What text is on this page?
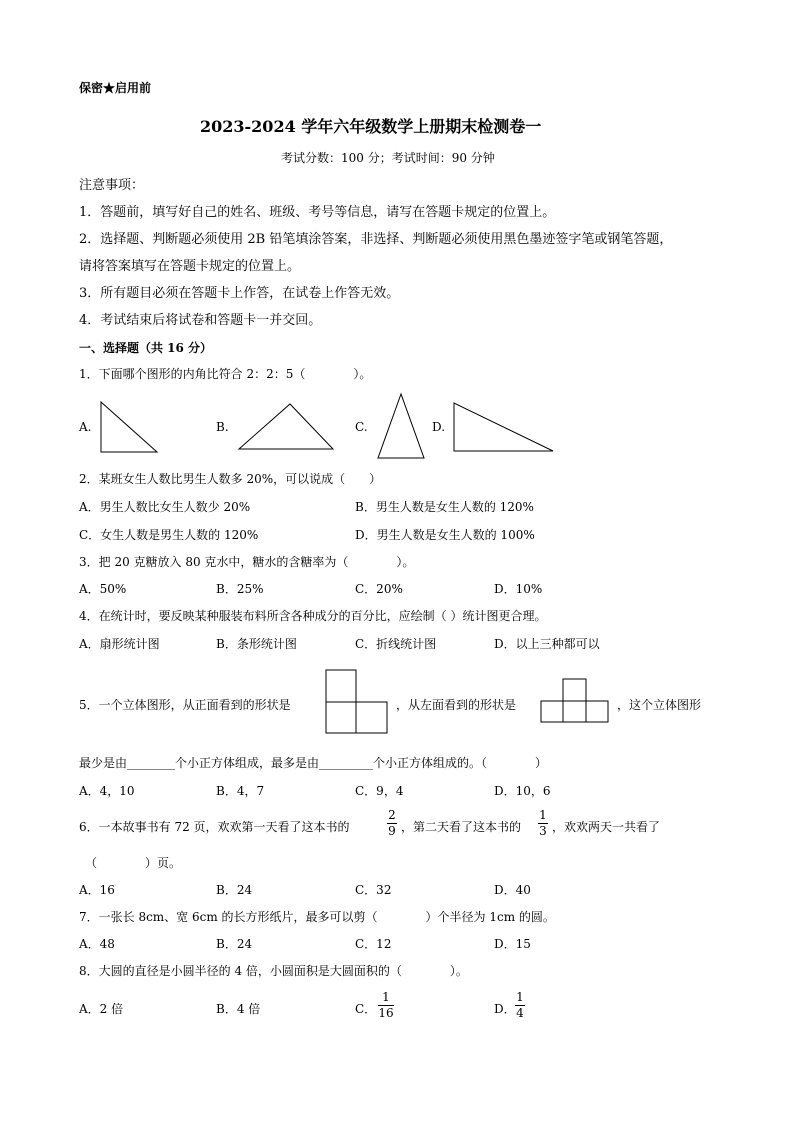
保密★启用前
2023-2024 学年六年级数学上册期末检测卷一
考试分数：100 分；考试时间：90 分钟
注意事项：
1．答题前，填写好自己的姓名、班级、考号等信息，请写在答题卡规定的位置上。
2．选择题、判断题必须使用 2B 铅笔填涂答案，非选择、判断题必须使用黑色墨迹签字笔或钢笔答题，
请将答案填写在答题卡规定的位置上。
3．所有题目必须在答题卡上作答，在试卷上作答无效。
4．考试结束后将试卷和答题卡一并交回。
一、选择题（共 16 分）
1．下面哪个图形的内角比符合 2：2：5（　　　　）。
A.	B.	C.	D.
2．某班女生人数比男生人数多 20%，可以说成（　　）
A．男生人数比女生人数少 20%	B．男生人数是女生人数的 120%
C．女生人数是男生人数的 120%	D．男生人数是女生人数的 100%
3．把 20 克糖放入 80 克水中，糖水的含糖率为（　　　　）。
A．50%	B．25%	C．20%	D．10%
4．在统计时，要反映某种服装布料所含各种成分的百分比，应绘制（ ）统计图更合理。
A．扇形统计图	B．条形统计图	C．折线统计图	D．以上三种都可以
5．一个立体图形，从正面看到的形状是	，从左面看到的形状是	，这个立体图形
最少是由________个小正方体组成，最多是由_________个小正方体组成的。（　　　　）
A．4，10	B．4，7	C．9，4	D．10，6
6．一本故事书有 72 页，欢欢第一天看了这本书的
2
9 ，第二天看了这本书的
1
3 ，欢欢两天一共看了
（　　　　）页。
A．16	B．24	C．32	D．40
7．一张长 8cm、宽 6cm 的长方形纸片，最多可以剪（　　　　）个半径为 1cm 的圆。
A．48	B．24	C．12	D．15
8．大圆的直径是小圆半径的 4 倍，小圆面积是大圆面积的（　　　　）。
A．2 倍	B．4 倍	C．
1
16	D．
1
4
